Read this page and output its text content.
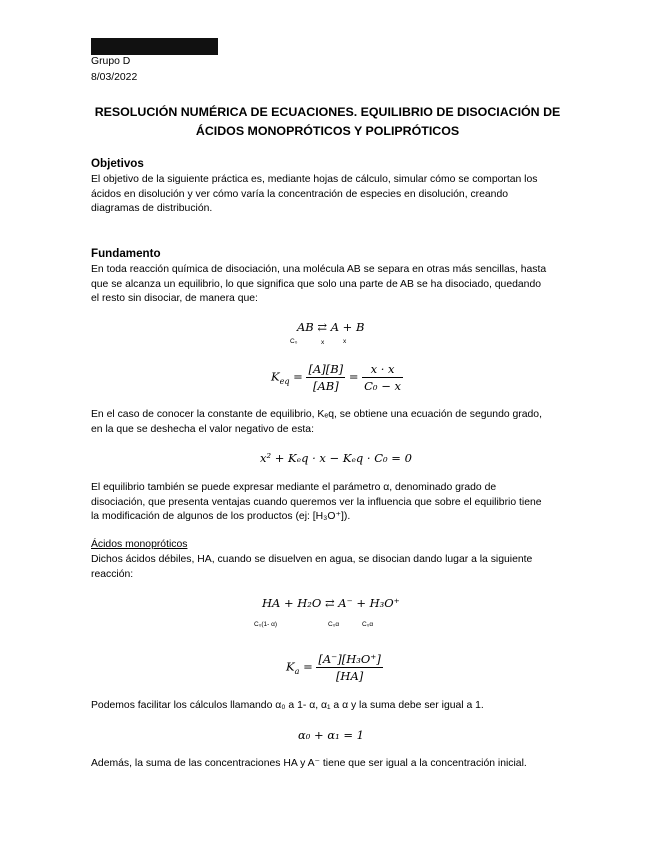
Grupo D
8/03/2022
RESOLUCIÓN NUMÉRICA DE ECUACIONES. EQUILIBRIO DE DISOCIACIÓN DE
ÁCIDOS MONOPRÓTICOS Y POLIPRÓTICOS
Objetivos
El objetivo de la siguiente práctica es, mediante hojas de cálculo, simular cómo se comportan los
ácidos en disolución y ver cómo varía la concentración de especies en disolución, creando
diagramas de distribución.
Fundamento
En toda reacción química de disociación, una molécula AB se separa en otras más sencillas, hasta
que se alcanza un equilibrio, lo que significa que solo una parte de AB se ha disociado, quedando
el resto sin disociar, de manera que:
AB ⇄ A + B
C₀	x	x
$K_{eq} = \frac{[A][B]}{[AB]} = \frac{x \cdot x}{\text{C₀ − x}}$
En el caso de conocer la constante de equilibrio, Kₑq, se obtiene una ecuación de segundo grado,
en la que se deshecha el valor negativo de esta:
x² + Kₑq · x − Kₑq · C₀ = 0
El equilibrio también se puede expresar mediante el parámetro α, denominado grado de
disociación, que presenta ventajas cuando queremos ver la influencia que sobre el equilibrio tiene
la modificación de algunos de los productos (ej: [H₃O⁺]).
Ácidos monopróticos
Dichos ácidos débiles, HA, cuando se disuelven en agua, se disocian dando lugar a la siguiente
reacción:
HA + H₂O ⇄ A⁻ + H₃O⁺
C₀(1- α)	C₀α	C₀α
$K_a = \frac{\text{[A⁻][H₃O⁺]}}{[HA]}$
Podemos facilitar los cálculos llamando α₀ a 1- α, α₁ a α y la suma debe ser igual a 1.
α₀ + α₁ = 1
Además, la suma de las concentraciones HA y A⁻ tiene que ser igual a la concentración inicial.
